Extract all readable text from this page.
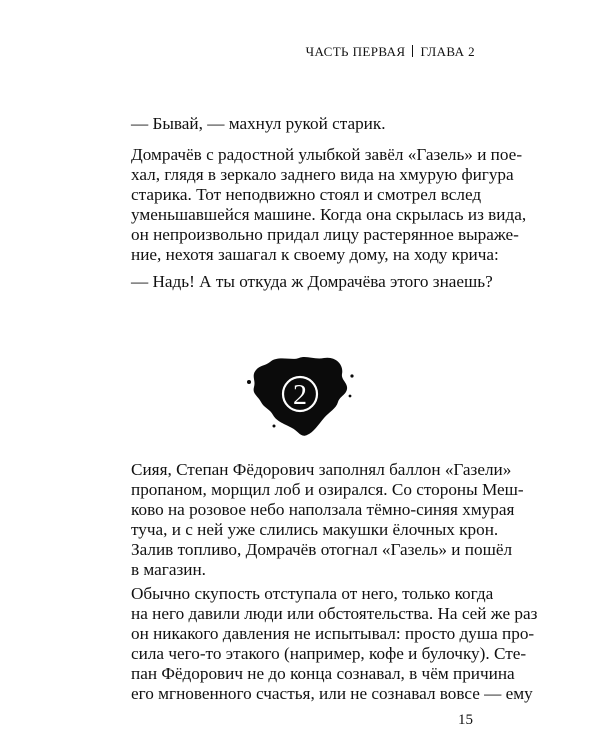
ЧАСТЬ ПЕРВАЯ ГЛАВА 2
— Бывай, — махнул рукой старик.
Домрачёв с радостной улыбкой завёл «Газель» и пое-
хал, глядя в зеркало заднего вида на хмурую фигура
старика. Тот неподвижно стоял и смотрел вслед
уменьшавшейся машине. Когда она скрылась из вида,
он непроизвольно придал лицу растерянное выраже-
ние, нехотя зашагал к своему дому, на ходу крича:
— Надь! А ты откуда ж Домрачёва этого знаешь?
2
Сияя, Степан Фёдорович заполнял баллон «Газели»
пропаном, морщил лоб и озирался. Со стороны Меш-
ково на розовое небо наползала тёмно-синяя хмурая
туча, и с ней уже слились макушки ёлочных крон.
Залив топливо, Домрачёв отогнал «Газель» и пошёл
в магазин.
Обычно скупость отступала от него, только когда
на него давили люди или обстоятельства. На сей же раз
он никакого давления не испытывал: просто душа про-
сила чего-то этакого (например, кофе и булочку). Сте-
пан Фёдорович не до конца сознавал, в чём причина
его мгновенного счастья, или не сознавал вовсе — ему
15
